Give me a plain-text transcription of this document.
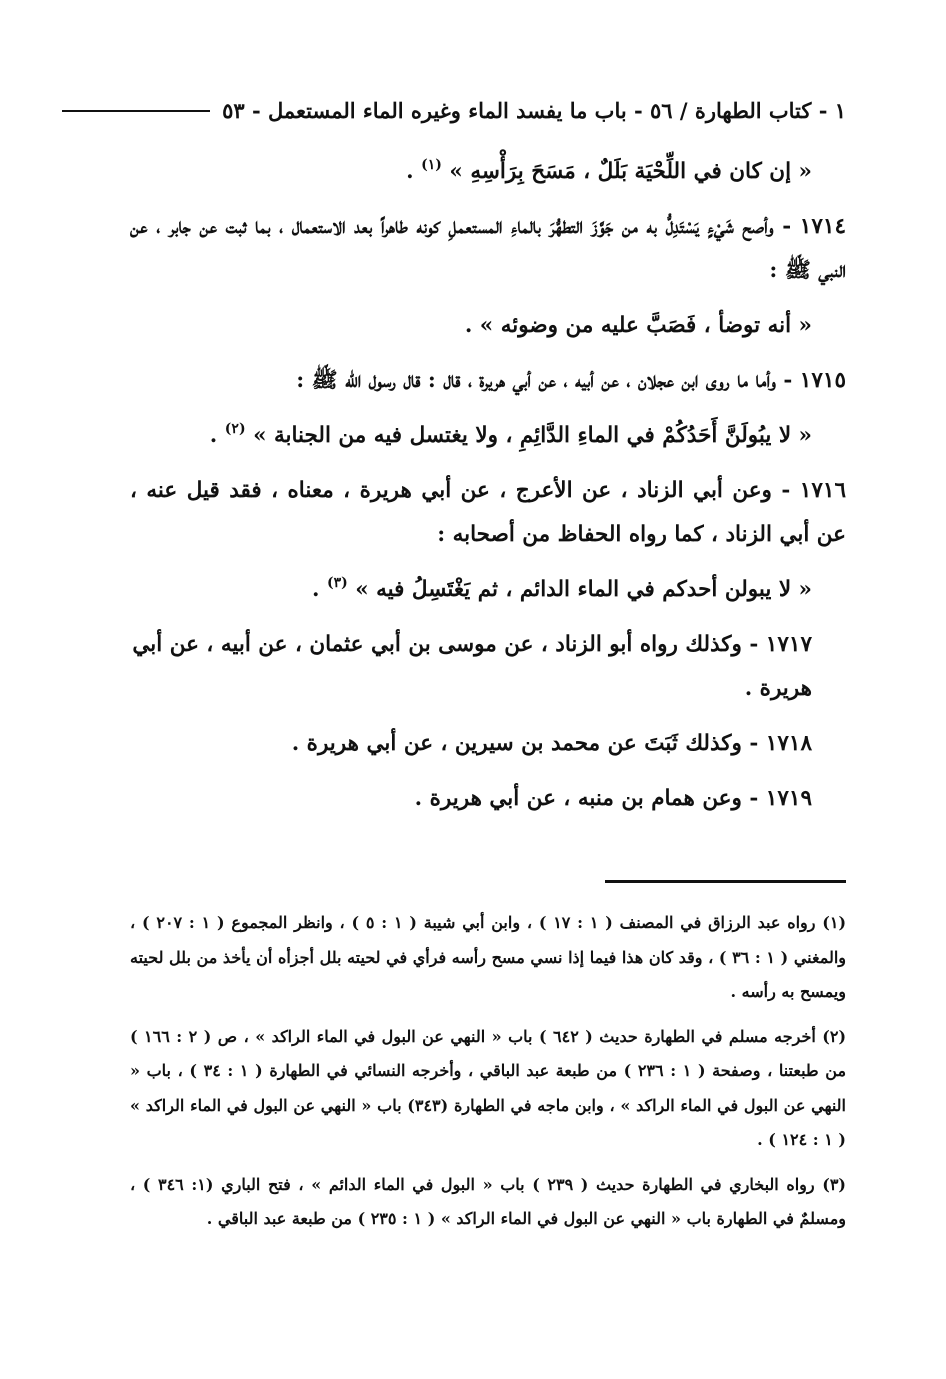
١ - كتاب الطهارة / ٥٦ - باب ما يفسد الماء وغيره الماء المستعمل - ٥٣

« إن كان في اللِّحْيَة بَلَلٌ ، مَسَحَ بِرَأْسِهِ » $^{(١)}$ .

١٧١٤ - وأصح شَيْءٍ يَسْتَدِلُّ به من جَوَّزَ التطهُّرَ بالماءِ المستعملِ كونه طاهراً بعد الاستعمال ، بما ثبت عن جابر ، عن النبي ﷺ :

« أنه توضأ ، فَصَبَّ عليه من وضوئه » .

١٧١٥ - وأما ما روى ابن عجلان ، عن أبيه ، عن أبي هريرة ، قال : قال رسول الله ﷺ :

« لا يبُولَنَّ أَحَدُكُمْ في الماءِ الدَّائِمِ ، ولا يغتسل فيه من الجنابة » $^{(٢)}$ .

١٧١٦ - وعن أبي الزناد ، عن الأعرج ، عن أبي هريرة ، معناه ، فقد قيل عنه ، عن أبي الزناد ، كما رواه الحفاظ من أصحابه :

« لا يبولن أحدكم في الماء الدائم ، ثم يَغْتَسِلُ فيه » $^{(٣)}$ .

١٧١٧ - وكذلك رواه أبو الزناد ، عن موسى بن أبي عثمان ، عن أبيه ، عن أبي هريرة .

١٧١٨ - وكذلك ثَبَتَ عن محمد بن سيرين ، عن أبي هريرة .

١٧١٩ - وعن همام بن منبه ، عن أبي هريرة .

(١) رواه عبد الرزاق في المصنف ( ١ : ١٧ ) ، وابن أبي شيبة ( ١ : ٥ ) ، وانظر المجموع ( ١ : ٢٠٧ ) ، والمغني ( ١ : ٣٦ ) ، وقد كان هذا فيما إذا نسي مسح رأسه فرأي في لحيته بلل أجزأه أن يأخذ من بلل لحيته ويمسح به رأسه .

(٢) أخرجه مسلم في الطهارة حديث ( ٦٤٢ ) باب « النهي عن البول في الماء الراكد » ، ص ( ٢ : ١٦٦ ) من طبعتنا ، وصفحة ( ١ : ٢٣٦ ) من طبعة عبد الباقي ، وأخرجه النسائي في الطهارة ( ١ : ٣٤ ) ، باب « النهي عن البول في الماء الراكد » ، وابن ماجه في الطهارة (٣٤٣) باب « النهي عن البول في الماء الراكد » ( ١ : ١٢٤ ) .

(٣) رواه البخاري في الطهارة حديث ( ٢٣٩ ) باب « البول في الماء الدائم » ، فتح الباري (١: ٣٤٦ ) ، ومسلمٌ في الطهارة باب « النهي عن البول في الماء الراكد » ( ١ : ٢٣٥ ) من طبعة عبد الباقي .
